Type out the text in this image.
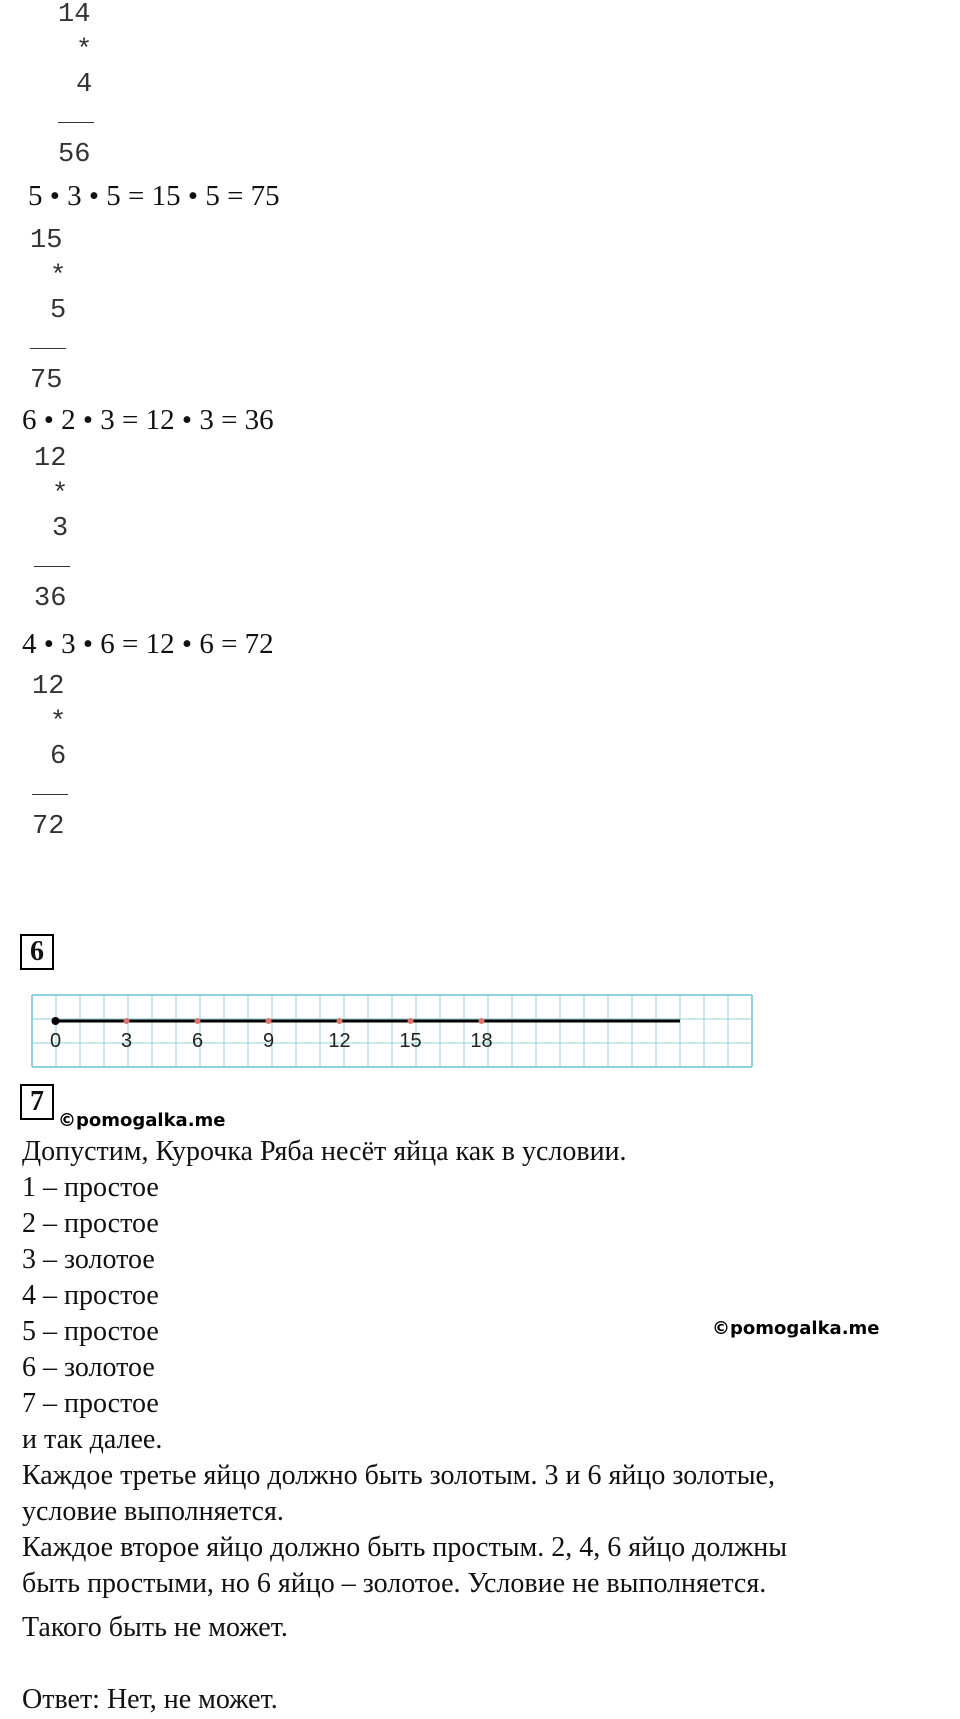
14
*
4
56
5 • 3 • 5 = 15 • 5 = 75
15
*
5
75
6 • 2 • 3 = 12 • 3 = 36
12
*
3
36
4 • 3 • 6 = 12 • 6 = 72
12
*
6
72
6
0	3	6	9	12 15 18
7
©pomogalka.me
©pomogalka.me
Допустим, Курочка Ряба несёт яйца как в условии.
1 – простое
2 – простое
3 – золотое
4 – простое
5 – простое
6 – золотое
7 – простое
и так далее.
Каждое третье яйцо должно быть золотым. 3 и 6 яйцо золотые,
условие выполняется.
Каждое второе яйцо должно быть простым. 2, 4, 6 яйцо должны
быть простыми, но 6 яйцо – золотое. Условие не выполняется.
Такого быть не может.
Ответ: Нет, не может.
